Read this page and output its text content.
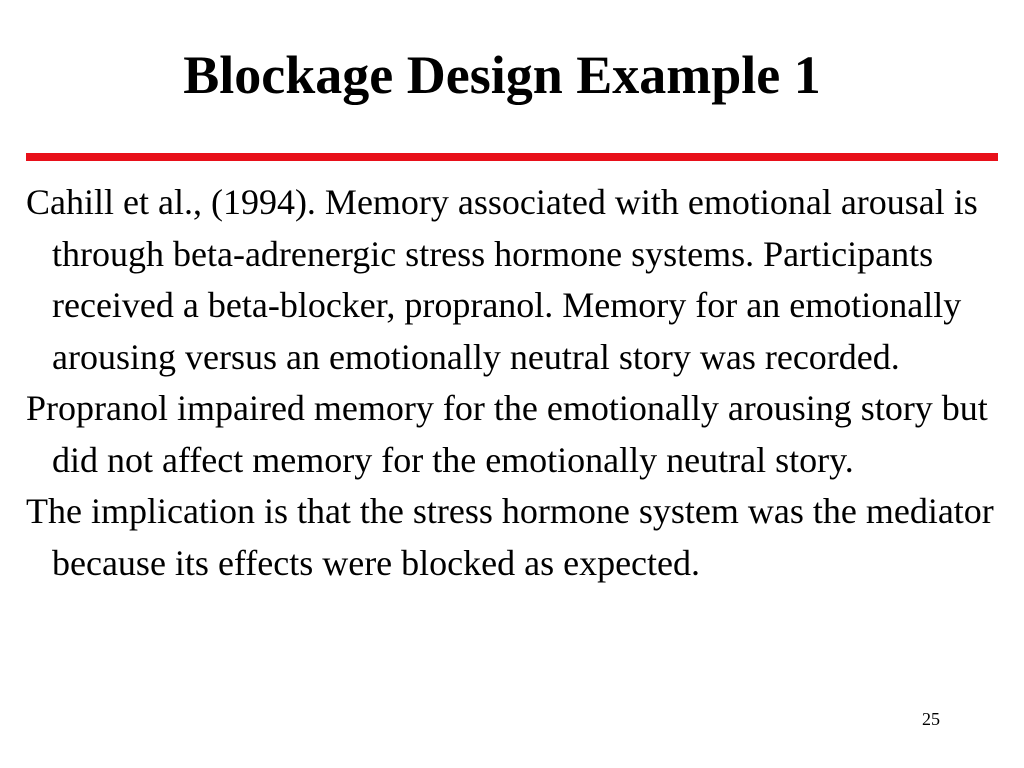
Blockage Design Example 1
Cahill et al., (1994). Memory associated with emotional arousal is through beta-adrenergic stress hormone systems. Participants received a beta-blocker, propranol. Memory for an emotionally arousing versus an emotionally neutral story was recorded.
Propranol impaired memory for the emotionally arousing story but did not affect memory for the emotionally neutral story.
The implication is that the stress hormone system was the mediator because its effects were blocked as expected.
25
